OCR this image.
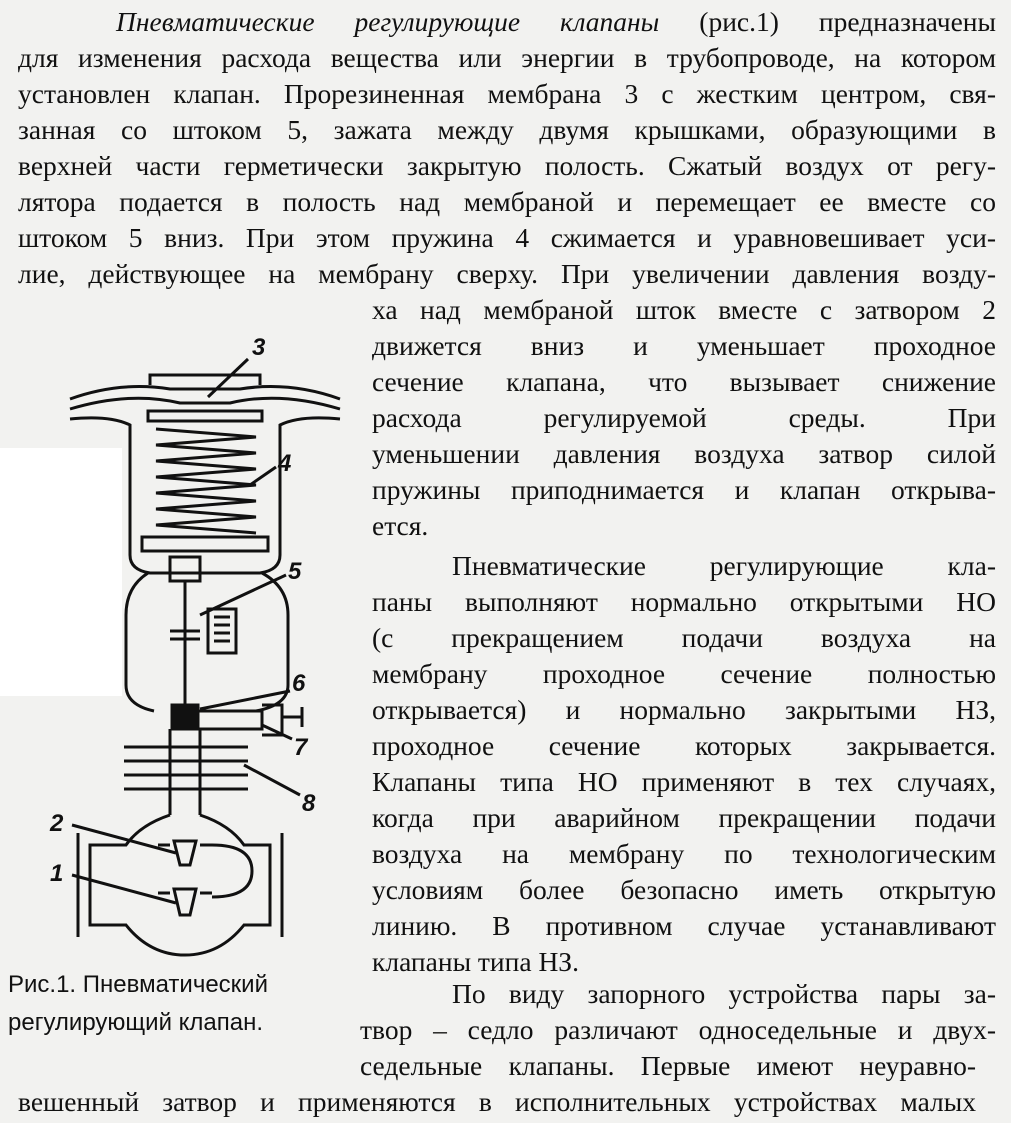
Пневматические регулирующие клапаны (рис.1) предназначены
для изменения расхода вещества или энергии в трубопроводе, на котором
установлен клапан. Прорезиненная мембрана 3 с жестким центром, свя-
занная со штоком 5, зажата между двумя крышками, образующими в
верхней части герметически закрытую полость. Сжатый воздух от регу-
лятора подается в полость над мембраной и перемещает ее вместе со
штоком 5 вниз. При этом пружина 4 сжимается и уравновешивает уси-
лие, действующее на мембрану сверху. При увеличении давления возду-
ха над мембраной шток вместе с затвором 2
движется вниз и уменьшает проходное
сечение клапана, что вызывает снижение
расхода регулируемой среды. При
уменьшении давления воздуха затвор силой
пружины приподнимается и клапан открыва-
ется.
Пневматические регулирующие кла-
паны выполняют нормально открытыми НО
(с прекращением подачи воздуха на
мембрану проходное сечение полностью
открывается) и нормально закрытыми НЗ,
проходное сечение которых закрывается.
Клапаны типа НО применяют в тех случаях,
когда при аварийном прекращении подачи
воздуха на мембрану по технологическим
условиям более безопасно иметь открытую
линию. В противном случае устанавливают
клапаны типа НЗ.
По виду запорного устройства пары за-
твор – седло различают односедельные и двух-
седельные клапаны. Первые имеют неуравно-
вешенный затвор и применяются в исполнительных устройствах малых
Рис.1. Пневматический
регулирующий клапан.
3
4
5
6
7
8
2
1
